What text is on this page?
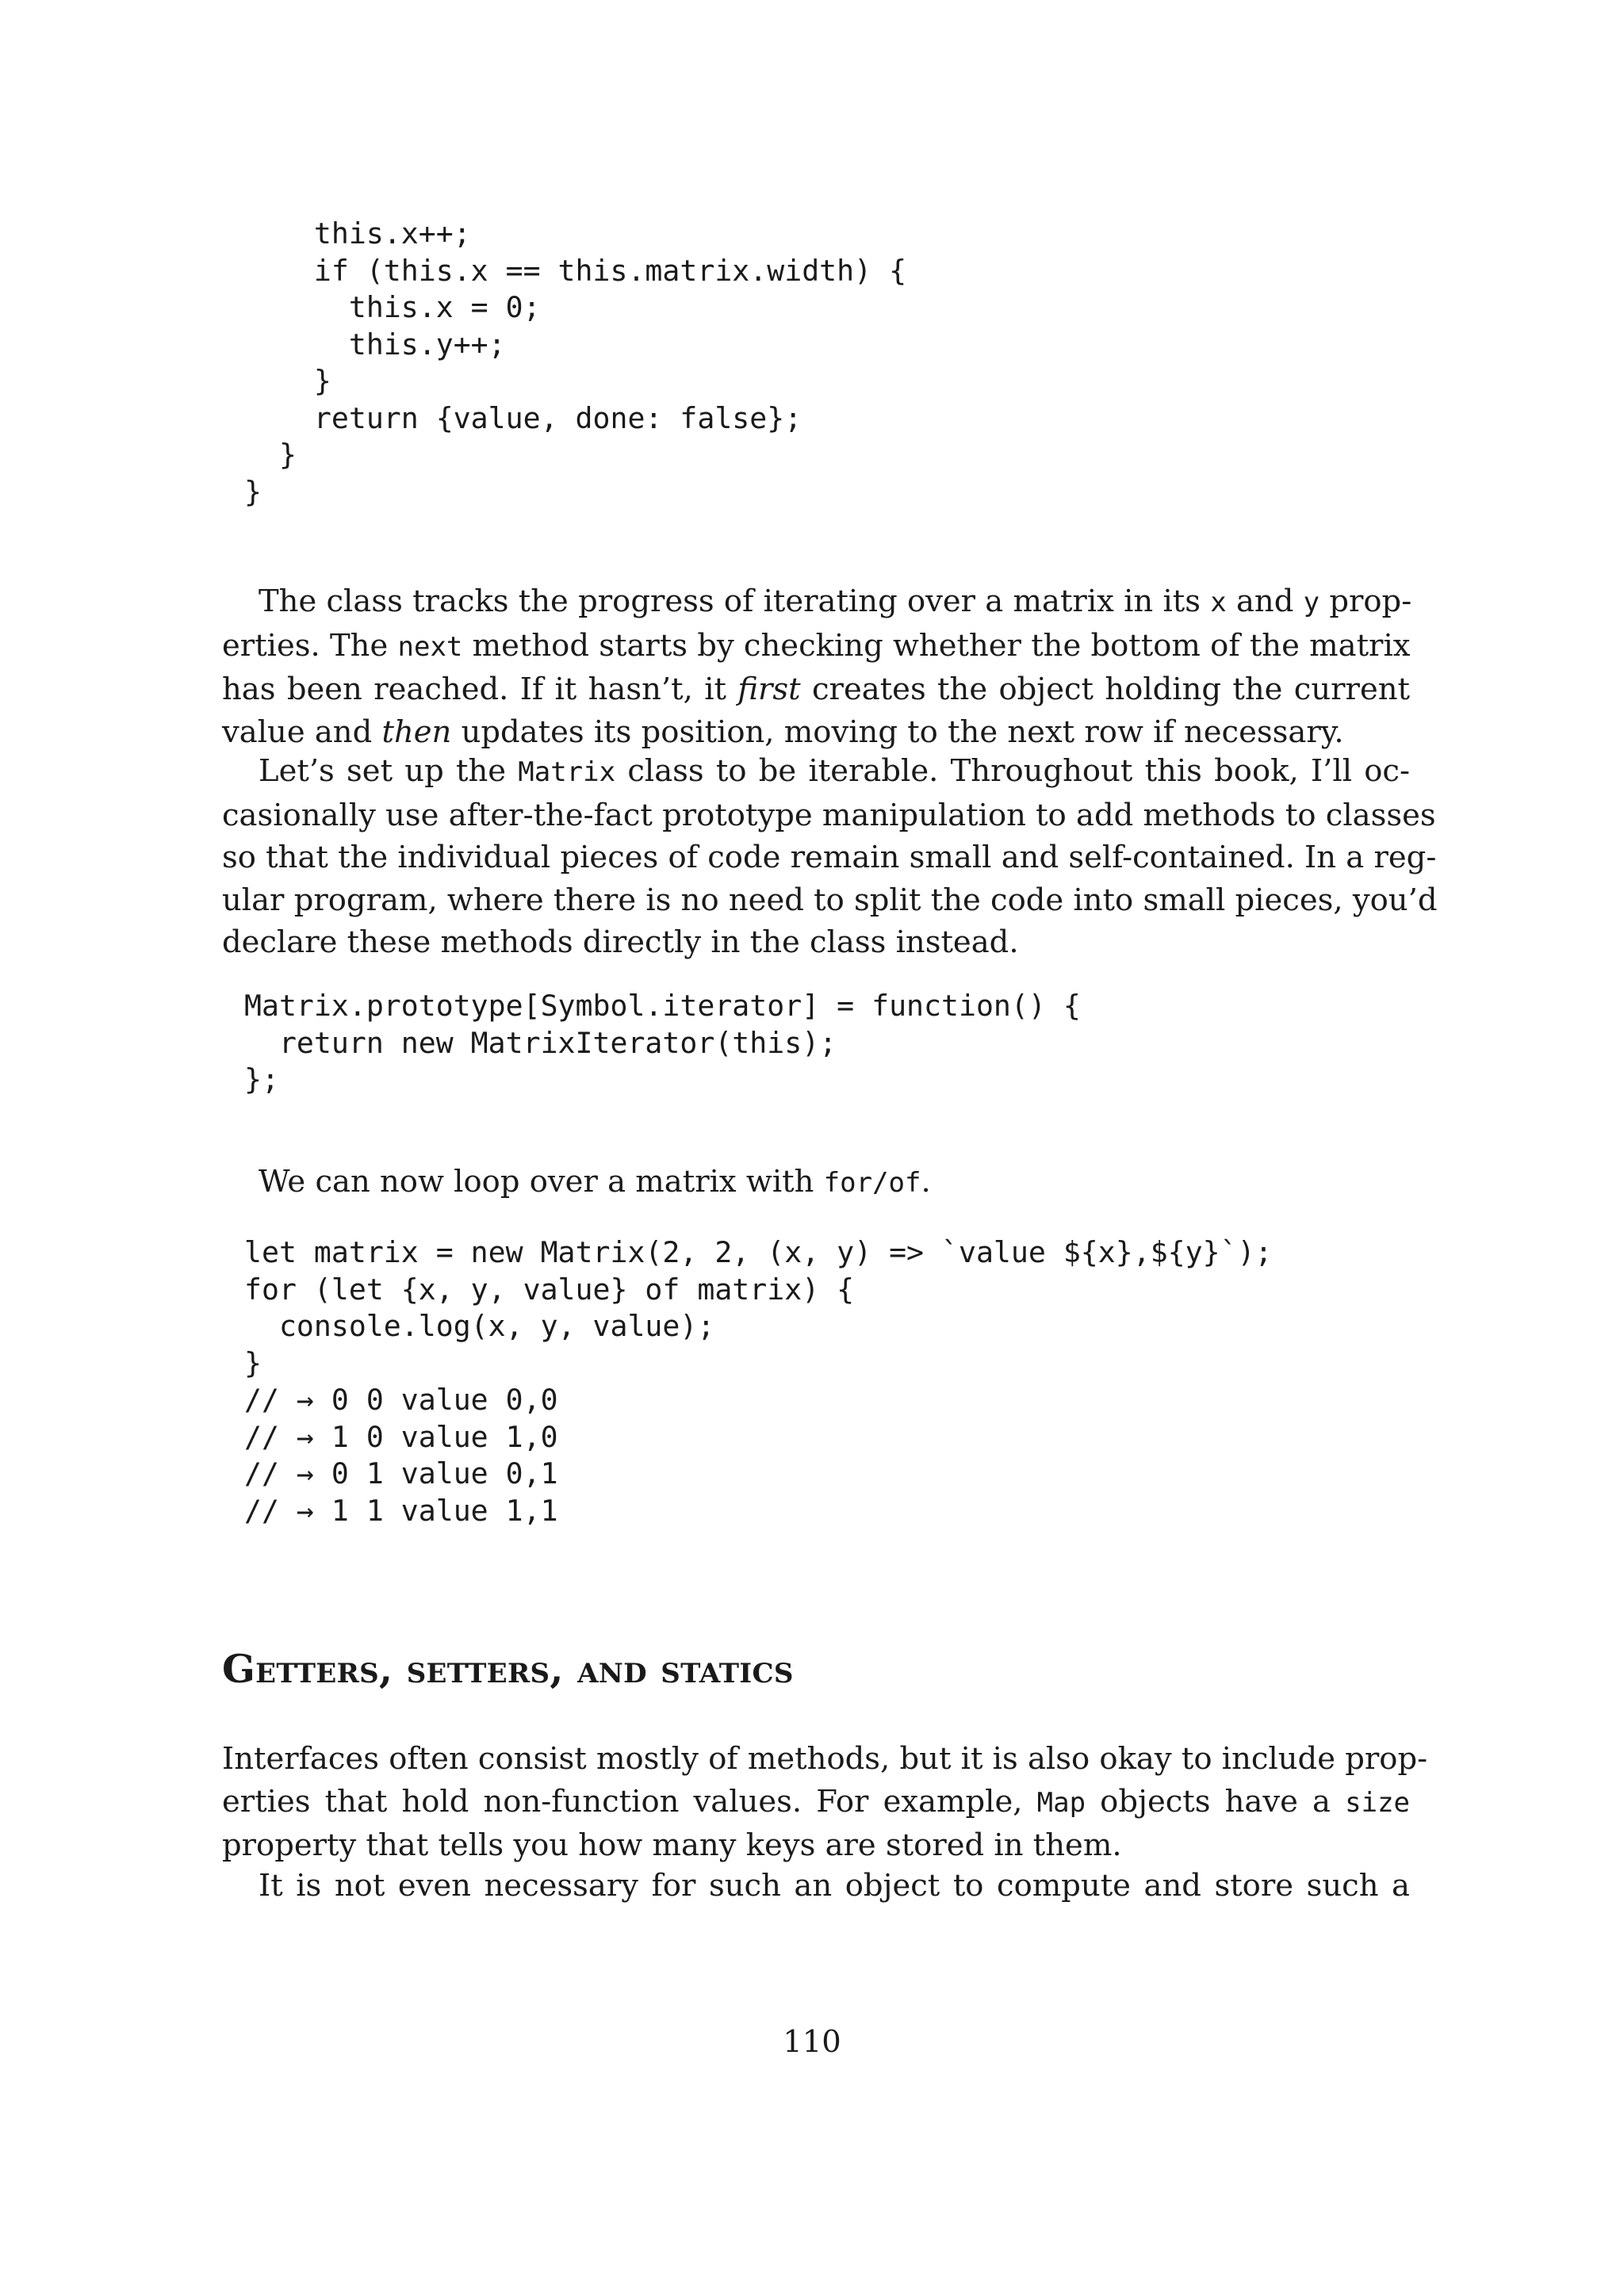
this.x++;
if (this.x == this.matrix.width) {
this.x = 0;
this.y++;
}
return {value, done: false};
}
}

The class tracks the progress of iterating over a matrix in its x and y prop-
erties. The next method starts by checking whether the bottom of the matrix
has been reached. If it hasn’t, it first creates the object holding the current
value and then updates its position, moving to the next row if necessary.

Let’s set up the Matrix class to be iterable. Throughout this book, I’ll oc-
casionally use after-the-fact prototype manipulation to add methods to classes
so that the individual pieces of code remain small and self-contained. In a reg-
ular program, where there is no need to split the code into small pieces, you’d
declare these methods directly in the class instead.

Matrix.prototype[Symbol.iterator] = function() {
return new MatrixIterator(this);
};

We can now loop over a matrix with for/of.

let matrix = new Matrix(2, 2, (x, y) => `value ${x},${y}`);
for (let {x, y, value} of matrix) {
console.log(x, y, value);
}
// → 0 0 value 0,0
// → 1 0 value 1,0
// → 0 1 value 0,1
// → 1 1 value 1,1
Getters, setters, and statics

Interfaces often consist mostly of methods, but it is also okay to include prop-
erties that hold non-function values. For example, Map objects have a size
property that tells you how many keys are stored in them.

It is not even necessary for such an object to compute and store such a

110
